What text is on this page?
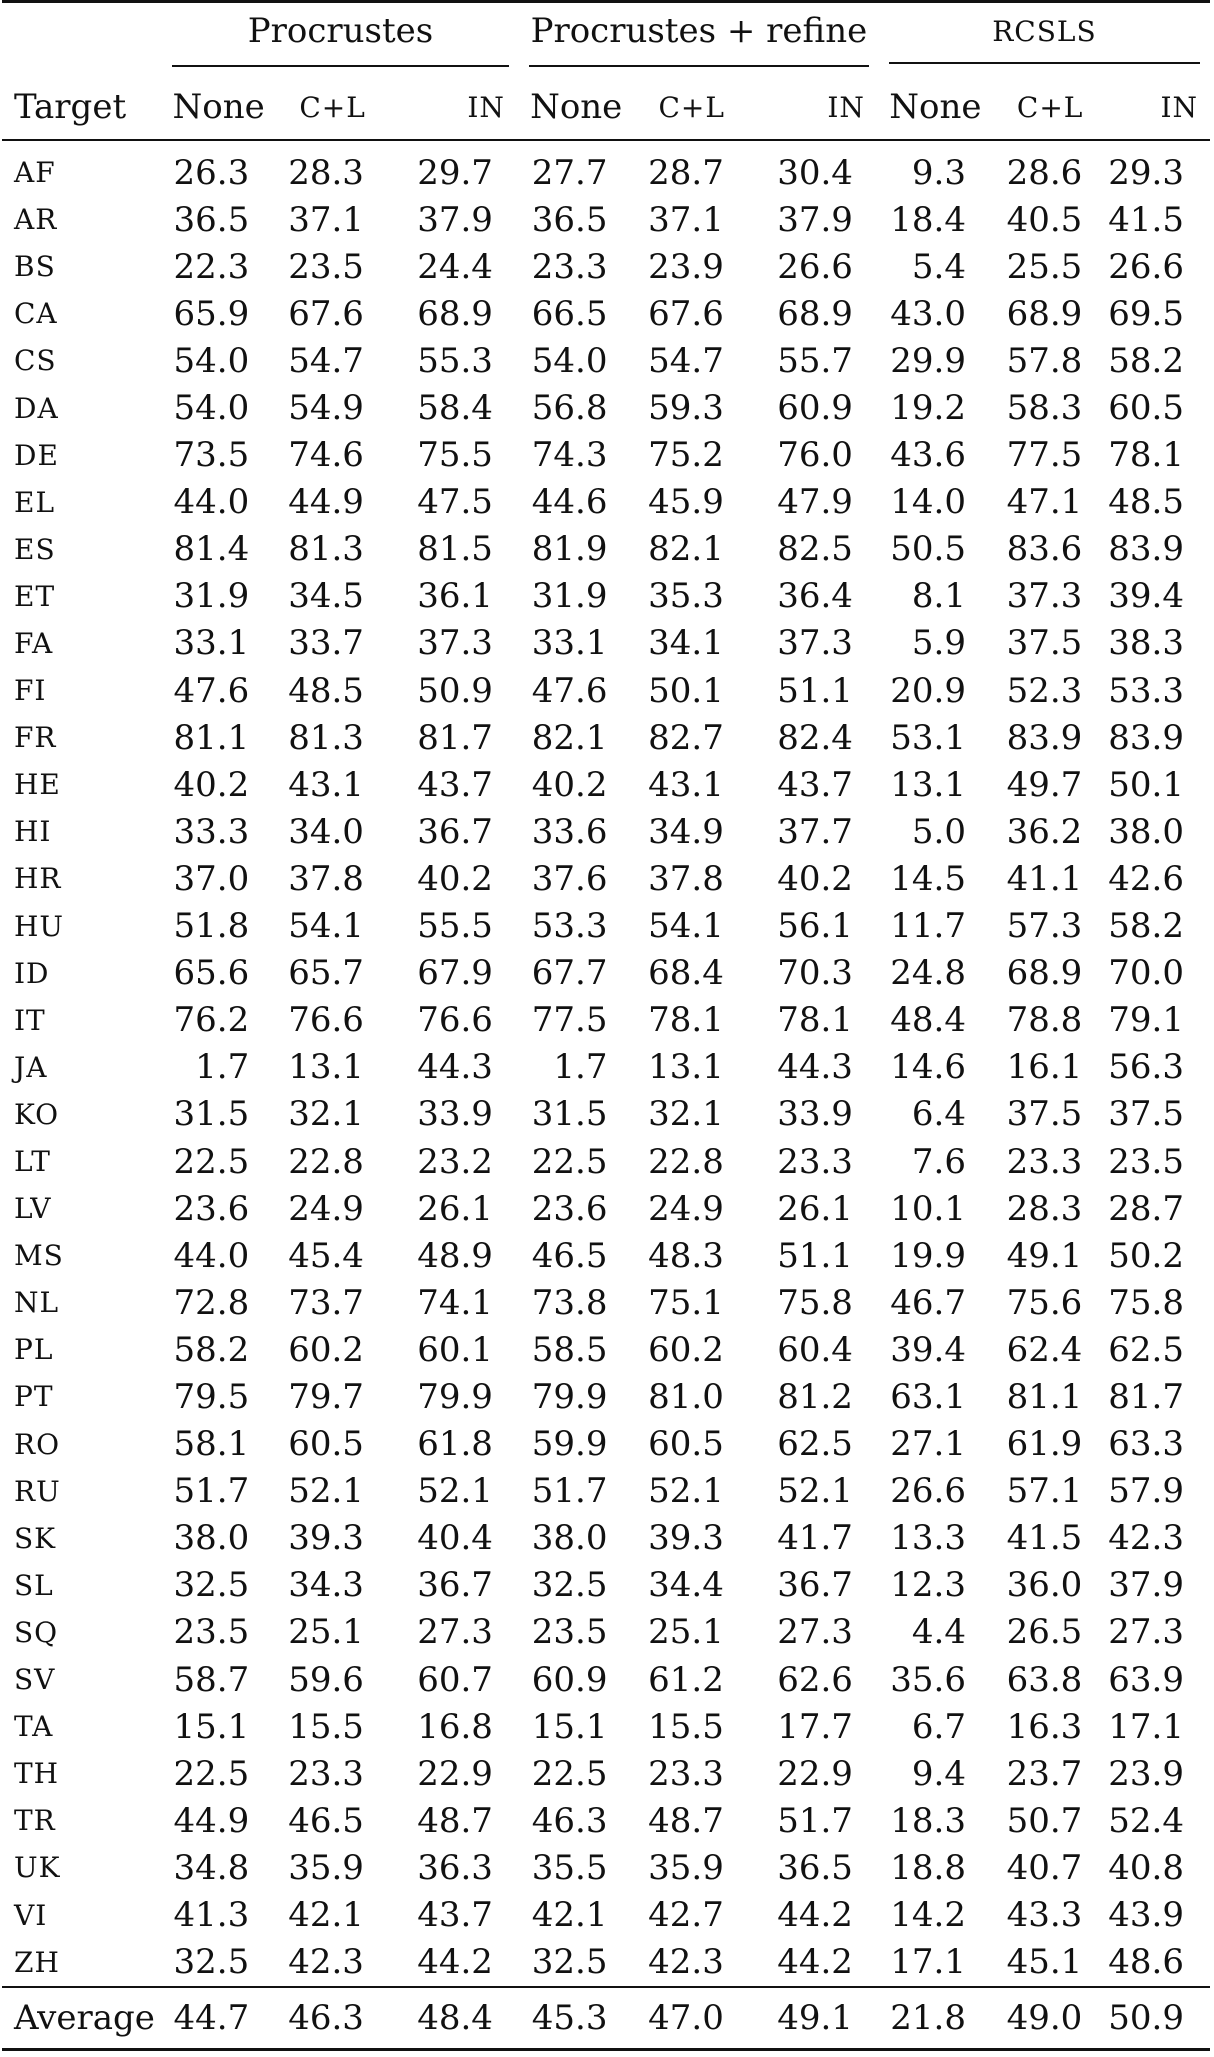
	Procrustes			Procrustes + refine			RCSLS		

Target	None	C+L	IN	None	C+L	IN	None	C+L	IN
AF	26.3	28.3	29.7	27.7	28.7	30.4	9.3	28.6	29.3
AR	36.5	37.1	37.9	36.5	37.1	37.9	18.4	40.5	41.5
BS	22.3	23.5	24.4	23.3	23.9	26.6	5.4	25.5	26.6
CA	65.9	67.6	68.9	66.5	67.6	68.9	43.0	68.9	69.5
CS	54.0	54.7	55.3	54.0	54.7	55.7	29.9	57.8	58.2
DA	54.0	54.9	58.4	56.8	59.3	60.9	19.2	58.3	60.5
DE	73.5	74.6	75.5	74.3	75.2	76.0	43.6	77.5	78.1
EL	44.0	44.9	47.5	44.6	45.9	47.9	14.0	47.1	48.5
ES	81.4	81.3	81.5	81.9	82.1	82.5	50.5	83.6	83.9
ET	31.9	34.5	36.1	31.9	35.3	36.4	8.1	37.3	39.4
FA	33.1	33.7	37.3	33.1	34.1	37.3	5.9	37.5	38.3
FI	47.6	48.5	50.9	47.6	50.1	51.1	20.9	52.3	53.3
FR	81.1	81.3	81.7	82.1	82.7	82.4	53.1	83.9	83.9
HE	40.2	43.1	43.7	40.2	43.1	43.7	13.1	49.7	50.1
HI	33.3	34.0	36.7	33.6	34.9	37.7	5.0	36.2	38.0
HR	37.0	37.8	40.2	37.6	37.8	40.2	14.5	41.1	42.6
HU	51.8	54.1	55.5	53.3	54.1	56.1	11.7	57.3	58.2
ID	65.6	65.7	67.9	67.7	68.4	70.3	24.8	68.9	70.0
IT	76.2	76.6	76.6	77.5	78.1	78.1	48.4	78.8	79.1
JA	1.7	13.1	44.3	1.7	13.1	44.3	14.6	16.1	56.3
KO	31.5	32.1	33.9	31.5	32.1	33.9	6.4	37.5	37.5
LT	22.5	22.8	23.2	22.5	22.8	23.3	7.6	23.3	23.5
LV	23.6	24.9	26.1	23.6	24.9	26.1	10.1	28.3	28.7
MS	44.0	45.4	48.9	46.5	48.3	51.1	19.9	49.1	50.2
NL	72.8	73.7	74.1	73.8	75.1	75.8	46.7	75.6	75.8
PL	58.2	60.2	60.1	58.5	60.2	60.4	39.4	62.4	62.5
PT	79.5	79.7	79.9	79.9	81.0	81.2	63.1	81.1	81.7
RO	58.1	60.5	61.8	59.9	60.5	62.5	27.1	61.9	63.3
RU	51.7	52.1	52.1	51.7	52.1	52.1	26.6	57.1	57.9
SK	38.0	39.3	40.4	38.0	39.3	41.7	13.3	41.5	42.3
SL	32.5	34.3	36.7	32.5	34.4	36.7	12.3	36.0	37.9
SQ	23.5	25.1	27.3	23.5	25.1	27.3	4.4	26.5	27.3
SV	58.7	59.6	60.7	60.9	61.2	62.6	35.6	63.8	63.9
TA	15.1	15.5	16.8	15.1	15.5	17.7	6.7	16.3	17.1
TH	22.5	23.3	22.9	22.5	23.3	22.9	9.4	23.7	23.9
TR	44.9	46.5	48.7	46.3	48.7	51.7	18.3	50.7	52.4
UK	34.8	35.9	36.3	35.5	35.9	36.5	18.8	40.7	40.8
VI	41.3	42.1	43.7	42.1	42.7	44.2	14.2	43.3	43.9
ZH	32.5	42.3	44.2	32.5	42.3	44.2	17.1	45.1	48.6
Average	44.7	46.3	48.4	45.3	47.0	49.1	21.8	49.0	50.9
